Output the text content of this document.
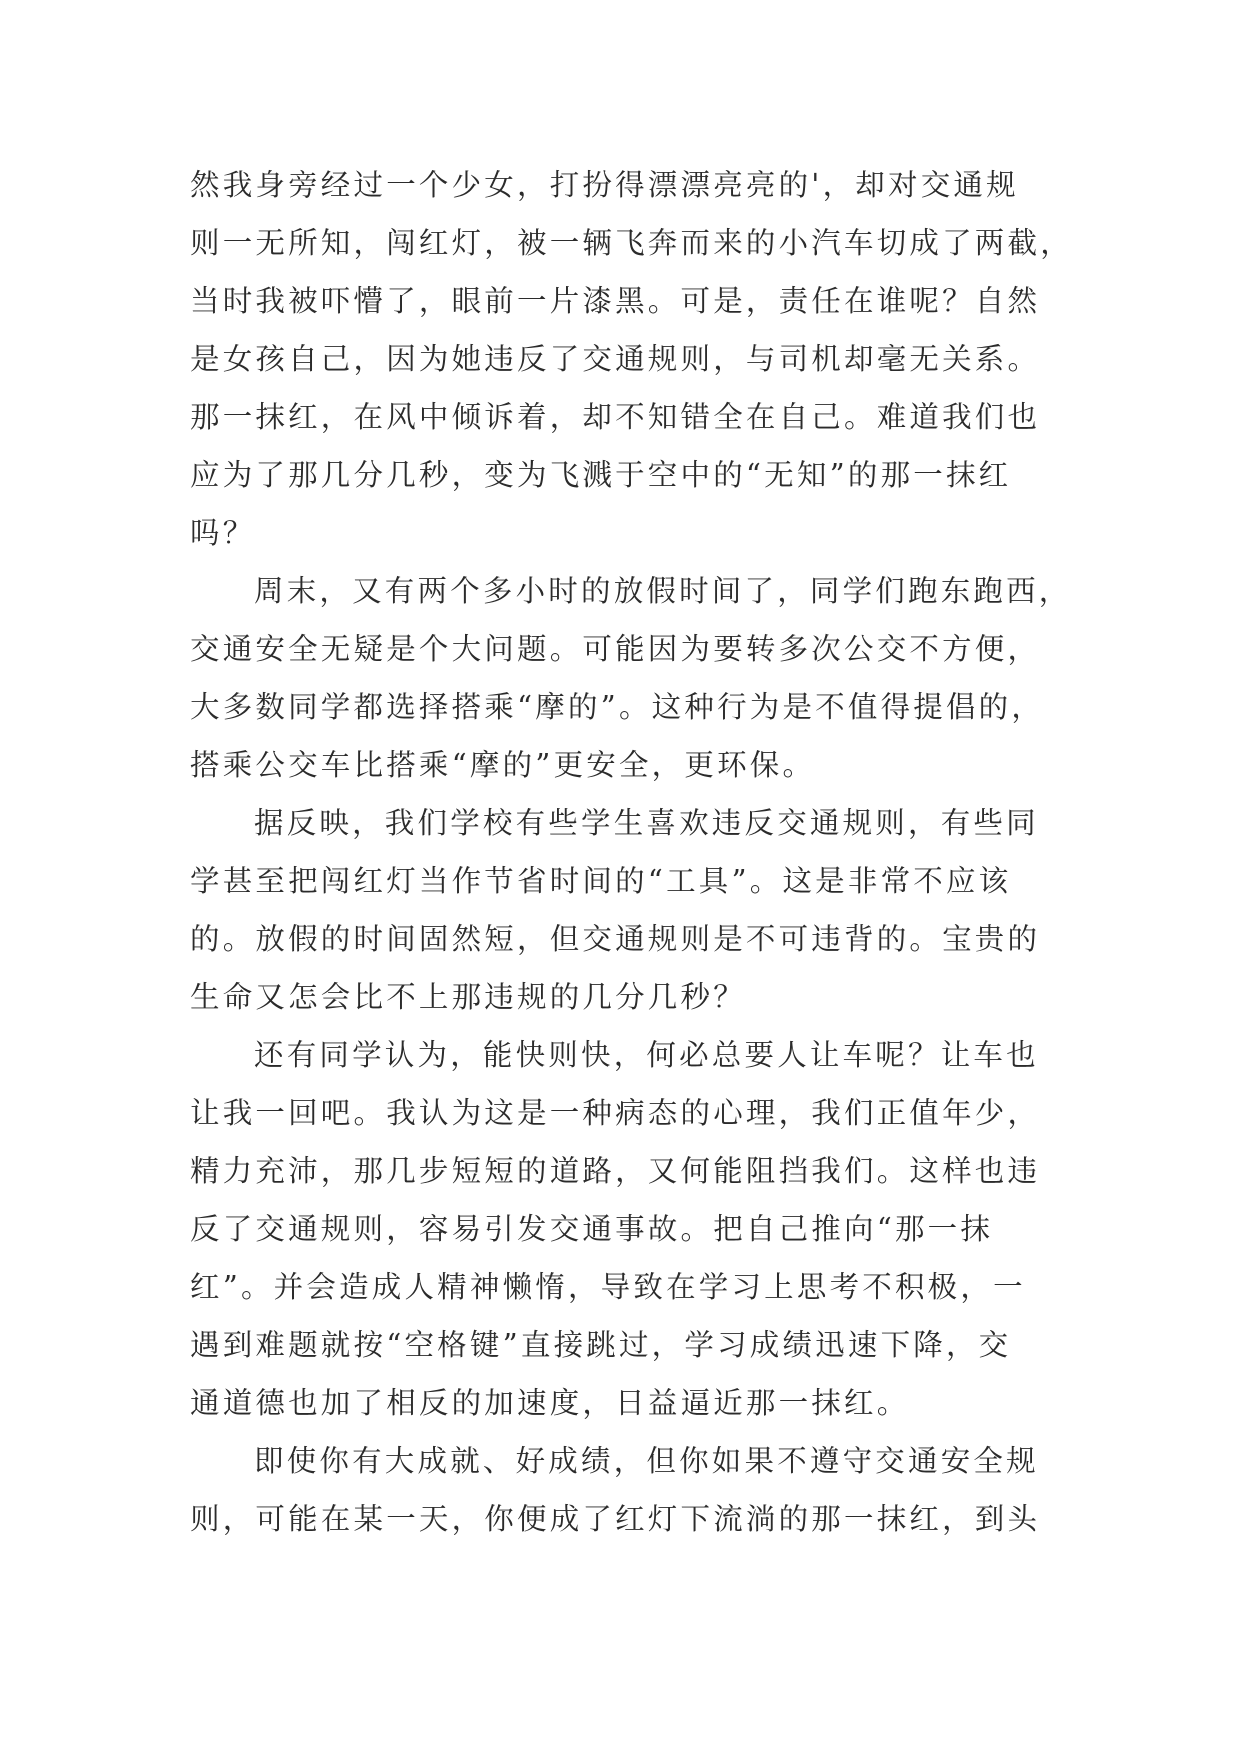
然我身旁经过一个少女，打扮得漂漂亮亮的'，却对交通规
则一无所知，闯红灯，被一辆飞奔而来的小汽车切成了两截，
当时我被吓懵了，眼前一片漆黑。可是，责任在谁呢？自然
是女孩自己，因为她违反了交通规则，与司机却毫无关系。
那一抹红，在风中倾诉着，却不知错全在自己。难道我们也
应为了那几分几秒，变为飞溅于空中的“无知”的那一抹红
吗？
周末，又有两个多小时的放假时间了，同学们跑东跑西，
交通安全无疑是个大问题。可能因为要转多次公交不方便，
大多数同学都选择搭乘“摩的”。这种行为是不值得提倡的，
搭乘公交车比搭乘“摩的”更安全，更环保。
据反映，我们学校有些学生喜欢违反交通规则，有些同
学甚至把闯红灯当作节省时间的“工具”。这是非常不应该
的。放假的时间固然短，但交通规则是不可违背的。宝贵的
生命又怎会比不上那违规的几分几秒？
还有同学认为，能快则快，何必总要人让车呢？让车也
让我一回吧。我认为这是一种病态的心理，我们正值年少，
精力充沛，那几步短短的道路，又何能阻挡我们。这样也违
反了交通规则，容易引发交通事故。把自己推向“那一抹
红”。并会造成人精神懒惰，导致在学习上思考不积极，一
遇到难题就按“空格键”直接跳过，学习成绩迅速下降，交
通道德也加了相反的加速度，日益逼近那一抹红。
即使你有大成就、好成绩，但你如果不遵守交通安全规
则，可能在某一天，你便成了红灯下流淌的那一抹红，到头
